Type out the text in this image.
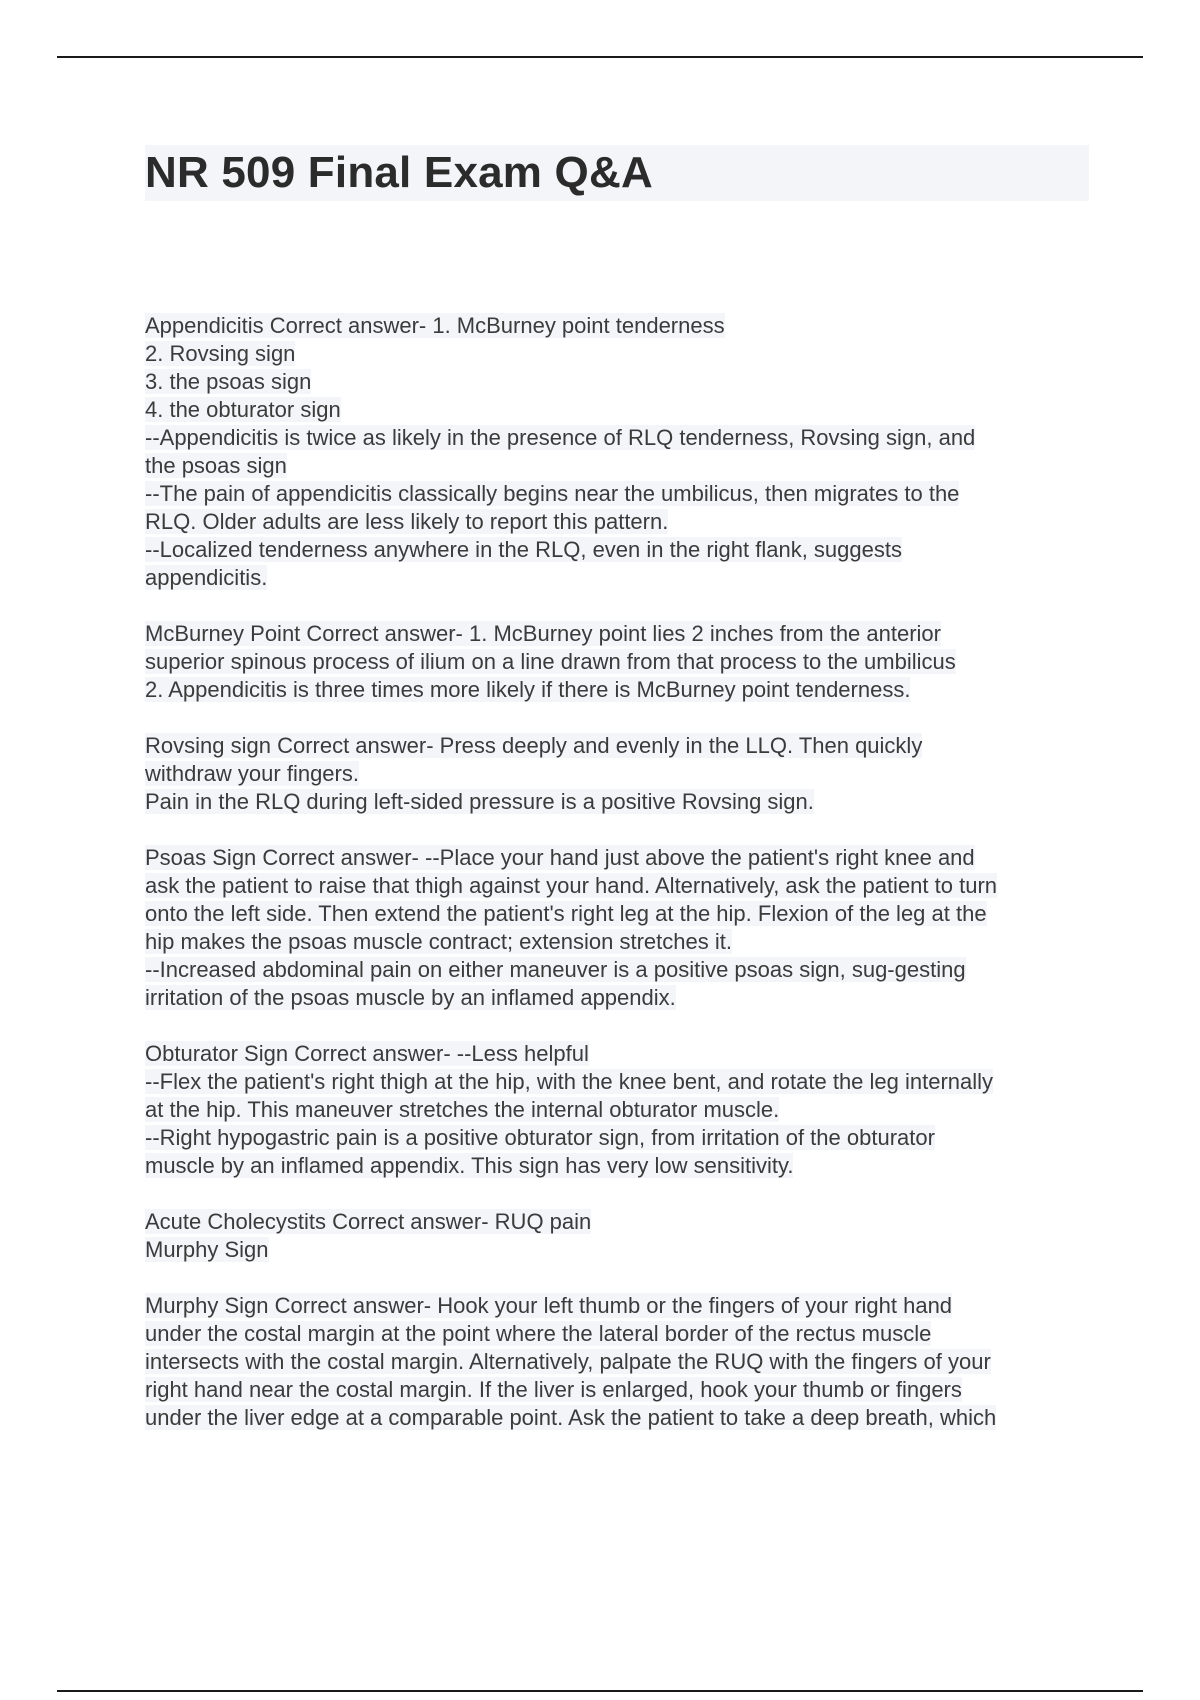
NR 509 Final Exam Q&A
Appendicitis Correct answer- 1. McBurney point tenderness
2. Rovsing sign
3. the psoas sign
4. the obturator sign
--Appendicitis is twice as likely in the presence of RLQ tenderness, Rovsing sign, and
the psoas sign
--The pain of appendicitis classically begins near the umbilicus, then migrates to the
RLQ. Older adults are less likely to report this pattern.
--Localized tenderness anywhere in the RLQ, even in the right flank, suggests
appendicitis.
McBurney Point Correct answer- 1. McBurney point lies 2 inches from the anterior
superior spinous process of ilium on a line drawn from that process to the umbilicus
2. Appendicitis is three times more likely if there is McBurney point tenderness.
Rovsing sign Correct answer- Press deeply and evenly in the LLQ. Then quickly
withdraw your fingers.
Pain in the RLQ during left-sided pressure is a positive Rovsing sign.
Psoas Sign Correct answer- --Place your hand just above the patient's right knee and
ask the patient to raise that thigh against your hand. Alternatively, ask the patient to turn
onto the left side. Then extend the patient's right leg at the hip. Flexion of the leg at the
hip makes the psoas muscle contract; extension stretches it.
--Increased abdominal pain on either maneuver is a positive psoas sign, sug-gesting
irritation of the psoas muscle by an inflamed appendix.
Obturator Sign Correct answer- --Less helpful
--Flex the patient's right thigh at the hip, with the knee bent, and rotate the leg internally
at the hip. This maneuver stretches the internal obturator muscle.
--Right hypogastric pain is a positive obturator sign, from irritation of the obturator
muscle by an inflamed appendix. This sign has very low sensitivity.
Acute Cholecystits Correct answer- RUQ pain
Murphy Sign
Murphy Sign Correct answer- Hook your left thumb or the fingers of your right hand
under the costal margin at the point where the lateral border of the rectus muscle
intersects with the costal margin. Alternatively, palpate the RUQ with the fingers of your
right hand near the costal margin. If the liver is enlarged, hook your thumb or fingers
under the liver edge at a comparable point. Ask the patient to take a deep breath, which
